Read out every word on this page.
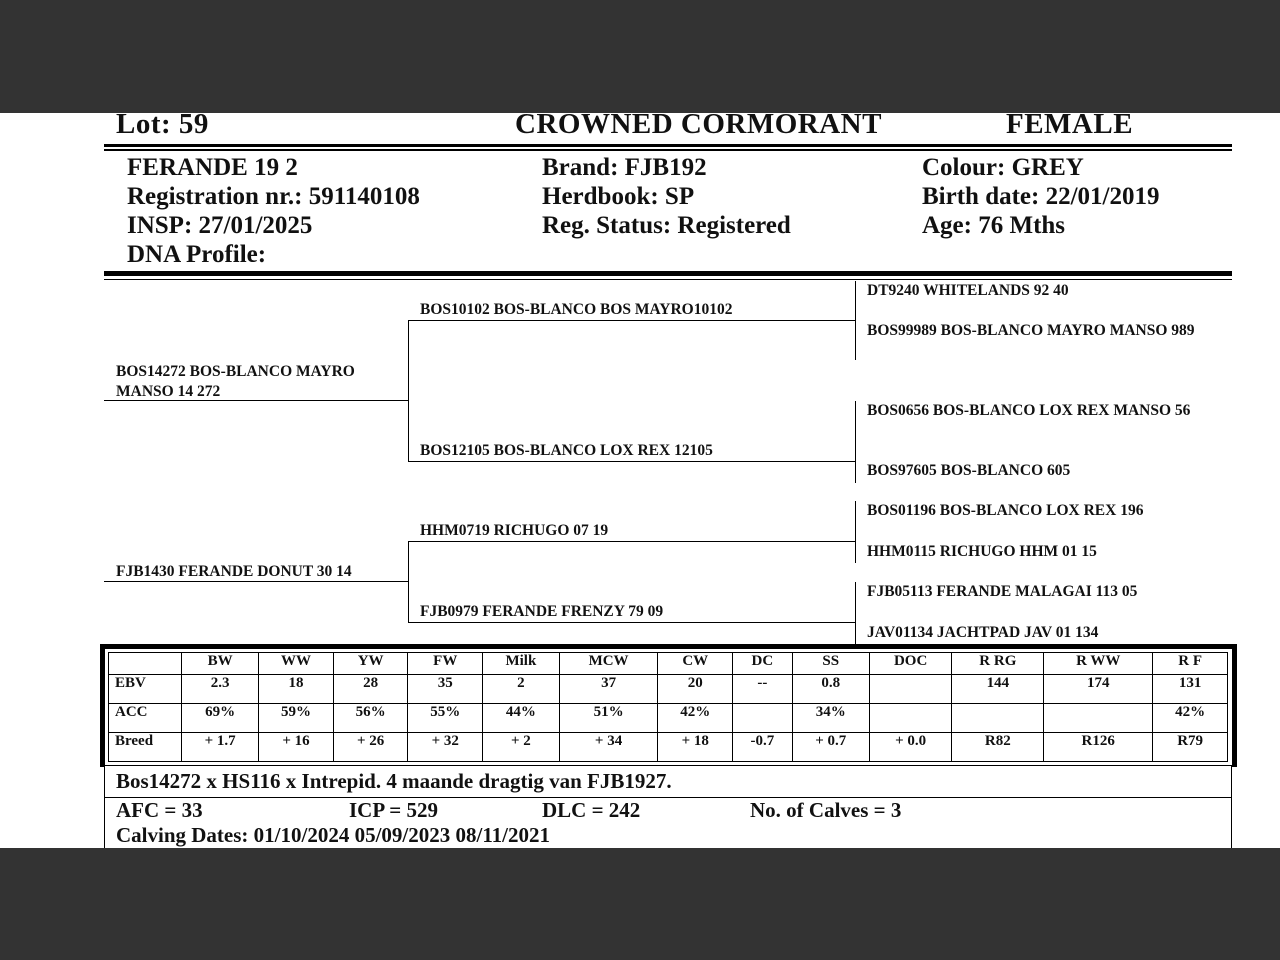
Lot: 59	CROWNED CORMORANT	FEMALE
FERANDE 19 2
Registration nr.: 591140108
INSP: 27/01/2025
DNA Profile:
Brand: FJB192
Herdbook: SP
Reg. Status: Registered
Colour: GREY
Birth date: 22/01/2019
Age: 76 Mths
BOS14272 BOS-BLANCO MAYRO MANSO 14 272
FJB1430 FERANDE DONUT 30 14
BOS10102 BOS-BLANCO BOS MAYRO10102
BOS12105 BOS-BLANCO LOX REX 12105
HHM0719 RICHUGO 07 19
FJB0979 FERANDE FRENZY 79 09
DT9240 WHITELANDS 92 40
BOS99989 BOS-BLANCO MAYRO MANSO 989
BOS0656 BOS-BLANCO LOX REX MANSO 56
BOS97605 BOS-BLANCO 605
BOS01196 BOS-BLANCO LOX REX 196
HHM0115 RICHUGO HHM 01 15
FJB05113 FERANDE MALAGAI 113 05
JAV01134 JACHTPAD JAV 01 134
	BW	WW	YW	FW	Milk	MCW	CW	DC	SS	DOC	R RG	R WW	R F
EBV	2.3	18	28	35	2	37	20	--	0.8		144	174	131
ACC	69%	59%	56%	55%	44%	51%	42%		34%				42%
Breed	+ 1.7	+ 16	+ 26	+ 32	+ 2	+ 34	+ 18	-0.7	+ 0.7	+ 0.0	R82	R126	R79
Bos14272 x HS116 x Intrepid. 4 maande dragtig van FJB1927.
AFC = 33	ICP = 529	DLC = 242	No. of Calves = 3
Calving Dates: 01/10/2024 05/09/2023 08/11/2021
